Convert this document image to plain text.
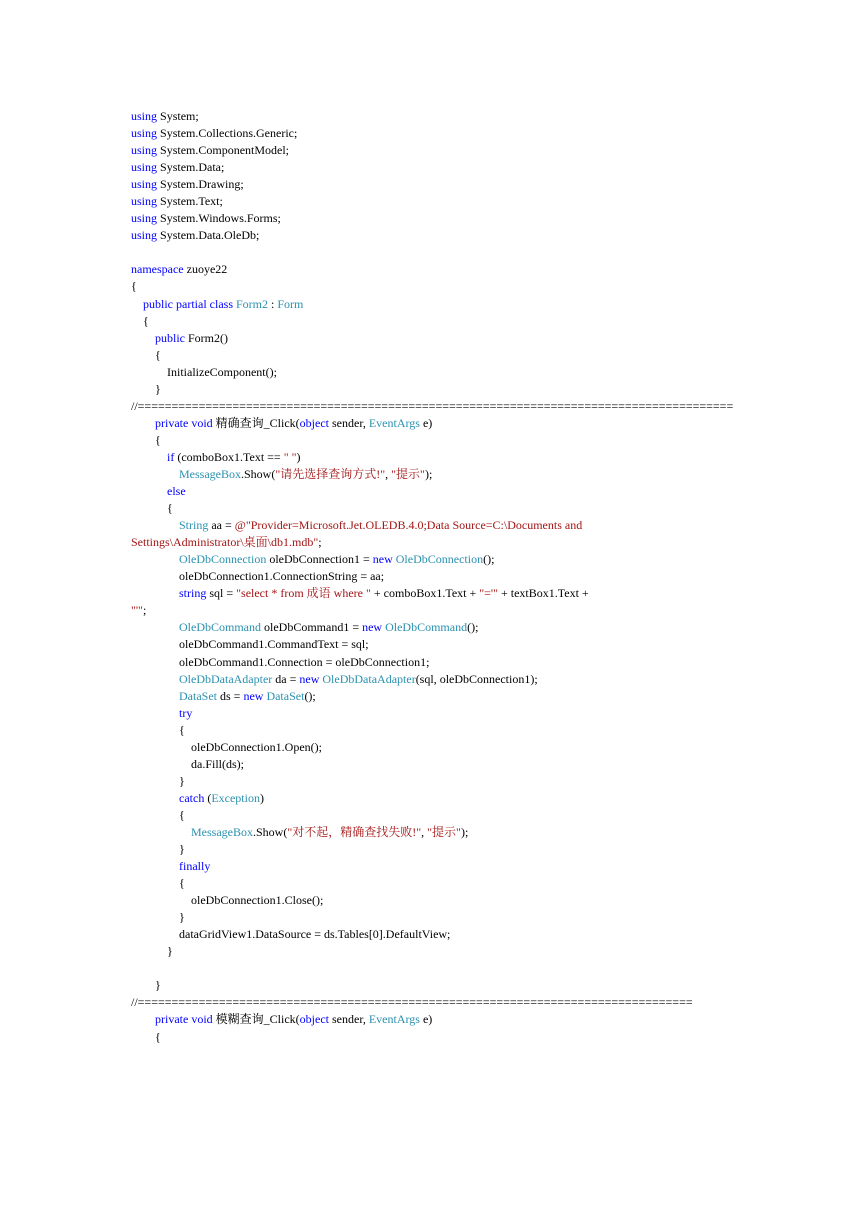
using System;
using System.Collections.Generic;
using System.ComponentModel;
using System.Data;
using System.Drawing;
using System.Text;
using System.Windows.Forms;
using System.Data.OleDb;

namespace zuoye22
{
public partial class Form2 : Form
{
public Form2()
{
InitializeComponent();
}
//========================================================================================
private void 精确查询_Click(object sender, EventArgs e)
{
if (comboBox1.Text == " ")
MessageBox.Show("请先选择查询方式!", "提示");
else
{
String aa = @"Provider=Microsoft.Jet.OLEDB.4.0;Data Source=C:\Documents and
Settings\Administrator\桌面\db1.mdb";
OleDbConnection oleDbConnection1 = new OleDbConnection();
oleDbConnection1.ConnectionString = aa;
string sql = "select * from 成语 where " + comboBox1.Text + "='" + textBox1.Text +
"'";
OleDbCommand oleDbCommand1 = new OleDbCommand();
oleDbCommand1.CommandText = sql;
oleDbCommand1.Connection = oleDbConnection1;
OleDbDataAdapter da = new OleDbDataAdapter(sql, oleDbConnection1);
DataSet ds = new DataSet();
try
{
oleDbConnection1.Open();
da.Fill(ds);
}
catch (Exception)
{
MessageBox.Show("对不起，精确查找失败!", "提示");
}
finally
{
oleDbConnection1.Close();
}
dataGridView1.DataSource = ds.Tables[0].DefaultView;
}

}
//==================================================================================
private void 模糊查询_Click(object sender, EventArgs e)
{
